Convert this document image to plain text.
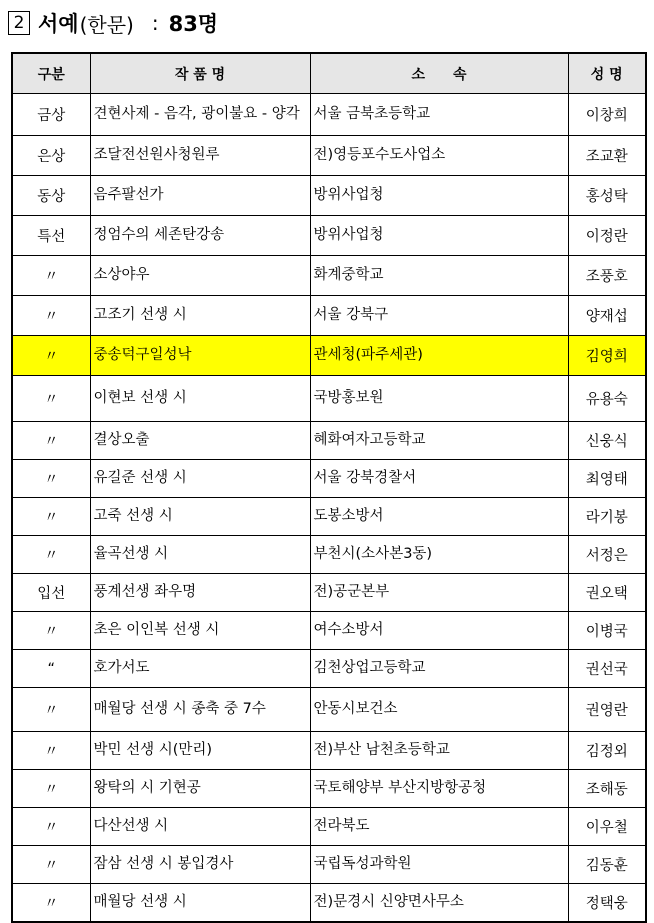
2 서예 (한문) : 83명
구분	작 품 명	소　　속	성 명
금상	견현사제 - 음각, 광이불요 - 양각	서울 금북초등학교	이창희
은상	조달전선원사청원루	전)영등포수도사업소	조교환
동상	음주팔선가	방위사업청	홍성탁
특선	정엄수의 세존탄강송	방위사업청	이정란
〃	소상야우	화계중학교	조풍호
〃	고조기 선생 시	서울 강북구	양재섭
〃	중송덕구일성낙	관세청(파주세관)	김영희
〃	이현보 선생 시	국방홍보원	유용숙
〃	결상오출	혜화여자고등학교	신웅식
〃	유길준 선생 시	서울 강북경찰서	최영태
〃	고죽 선생 시	도봉소방서	라기봉
〃	율곡선생 시	부천시(소사본3동)	서정은
입선	풍계선생 좌우명	전)공군본부	권오택
〃	초은 이인복 선생 시	여수소방서	이병국
“	호가서도	김천상업고등학교	권선국
〃	매월당 선생 시 종축 중 7수	안동시보건소	권영란
〃	박민 선생 시(만리)	전)부산 남천초등학교	김정외
〃	왕탁의 시 기현공	국토해양부 부산지방항공청	조해동
〃	다산선생 시	전라북도	이우철
〃	잠삼 선생 시 봉입경사	국립독성과학원	김동훈
〃	매월당 선생 시	전)문경시 신양면사무소	정택웅
